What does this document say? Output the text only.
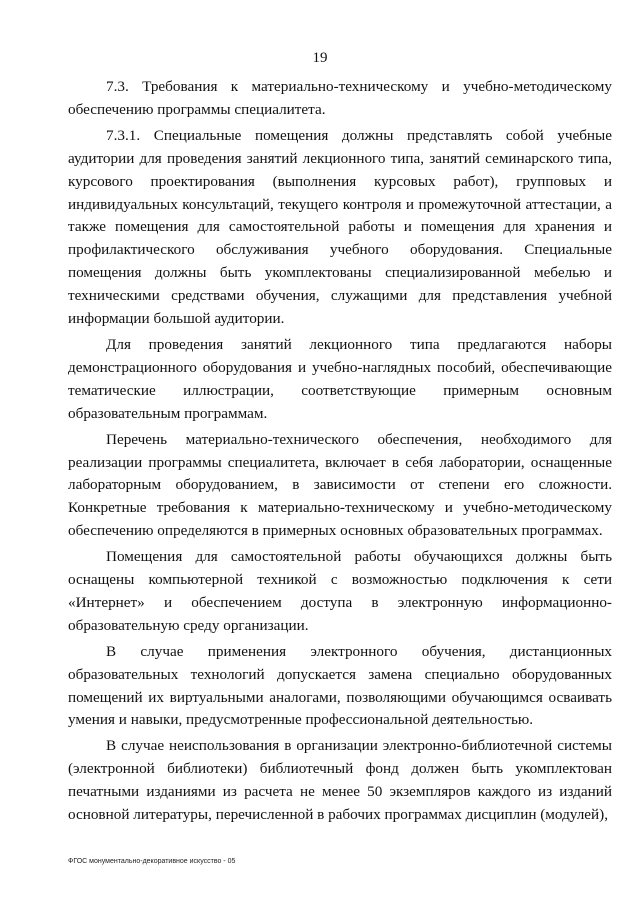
19

7.3. Требования к материально-техническому и учебно-методическому обеспечению программы специалитета.

7.3.1. Специальные помещения должны представлять собой учебные аудитории для проведения занятий лекционного типа, занятий семинарского типа, курсового проектирования (выполнения курсовых работ), групповых и индивидуальных консультаций, текущего контроля и промежуточной аттестации, а также помещения для самостоятельной работы и помещения для хранения и профилактического обслуживания учебного оборудования. Специальные помещения должны быть укомплектованы специализированной мебелью и техническими средствами обучения, служащими для представления учебной информации большой аудитории.

Для проведения занятий лекционного типа предлагаются наборы демонстрационного оборудования и учебно-наглядных пособий, обеспечивающие тематические иллюстрации, соответствующие примерным основным образовательным программам.

Перечень материально-технического обеспечения, необходимого для реализации программы специалитета, включает в себя лаборатории, оснащенные лабораторным оборудованием, в зависимости от степени его сложности. Конкретные требования к материально-техническому и учебно-методическому обеспечению определяются в примерных основных образовательных программах.

Помещения для самостоятельной работы обучающихся должны быть оснащены компьютерной техникой с возможностью подключения к сети «Интернет» и обеспечением доступа в электронную информационно-образовательную среду организации.

В случае применения электронного обучения, дистанционных образовательных технологий допускается замена специально оборудованных помещений их виртуальными аналогами, позволяющими обучающимся осваивать умения и навыки, предусмотренные профессиональной деятельностью.

В случае неиспользования в организации электронно-библиотечной системы (электронной библиотеки) библиотечный фонд должен быть укомплектован печатными изданиями из расчета не менее 50 экземпляров каждого из изданий основной литературы, перечисленной в рабочих программах дисциплин (модулей),

ФГОС монументально-декоративное искусство - 05
